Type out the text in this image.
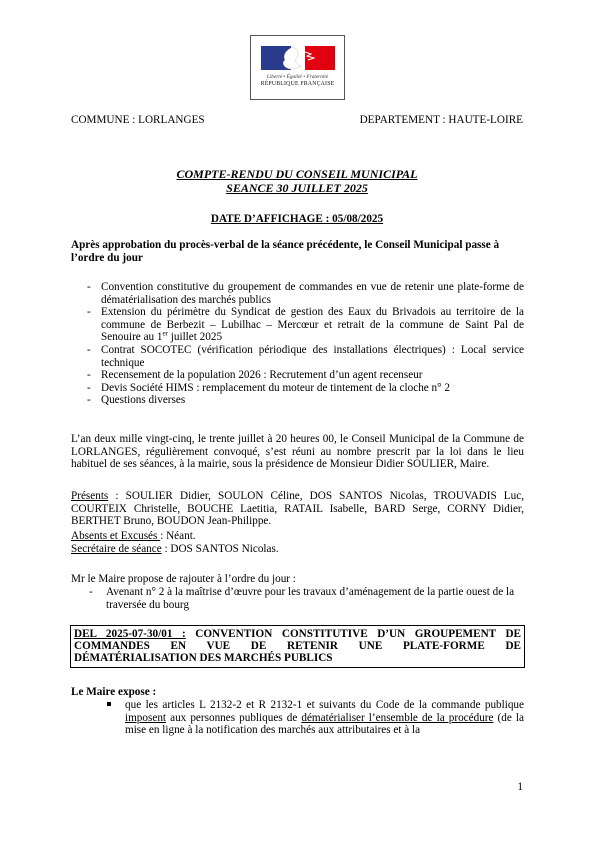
Liberté • Égalité • Fraternité
RÉPUBLIQUE FRANÇAISE
COMMUNE : LORLANGES	DEPARTEMENT : HAUTE-LOIRE
COMPTE-RENDU DU CONSEIL MUNICIPAL
SEANCE 30 JUILLET 2025
DATE D’AFFICHAGE : 05/08/2025
Après approbation du procès-verbal de la séance précédente, le Conseil Municipal passe à l’ordre du jour
- Convention constitutive du groupement de commandes en vue de retenir une plate-forme de dématérialisation des marchés publics
- Extension du périmètre du Syndicat de gestion des Eaux du Brivadois au territoire de la commune de Berbezit – Lubilhac – Mercœur et retrait de la commune de Saint Pal de Senouire au 1er juillet 2025
- Contrat SOCOTEC (vérification périodique des installations électriques) : Local service technique
- Recensement de la population 2026 : Recrutement d’un agent recenseur
- Devis Société HIMS : remplacement du moteur de tintement de la cloche n° 2
- Questions diverses
L’an deux mille vingt-cinq, le trente juillet à 20 heures 00, le Conseil Municipal de la Commune de LORLANGES, régulièrement convoqué, s’est réuni au nombre prescrit par la loi dans le lieu habituel de ses séances, à la mairie, sous la présidence de Monsieur Didier SOULIER, Maire.
Présents : SOULIER Didier, SOULON Céline, DOS SANTOS Nicolas, TROUVADIS Luc, COURTEIX Christelle, BOUCHE Laetitia, RATAIL Isabelle, BARD Serge, CORNY Didier, BERTHET Bruno, BOUDON Jean-Philippe.
Absents et Excusés : Néant.
Secrétaire de séance : DOS SANTOS Nicolas.
Mr le Maire propose de rajouter à l’ordre du jour :
- Avenant n° 2 à la maîtrise d’œuvre pour les travaux d’aménagement de la partie ouest de la traversée du bourg
DEL 2025-07-30/01 : CONVENTION CONSTITUTIVE D’UN GROUPEMENT DE COMMANDES EN VUE DE RETENIR UNE PLATE-FORME DE DÉMATÉRIALISATION DES MARCHÉS PUBLICS
Le Maire expose :
que les articles L 2132-2 et R 2132-1 et suivants du Code de la commande publique imposent aux personnes publiques de dématérialiser l’ensemble de la procédure (de la mise en ligne à la notification des marchés aux attributaires et à la
1
